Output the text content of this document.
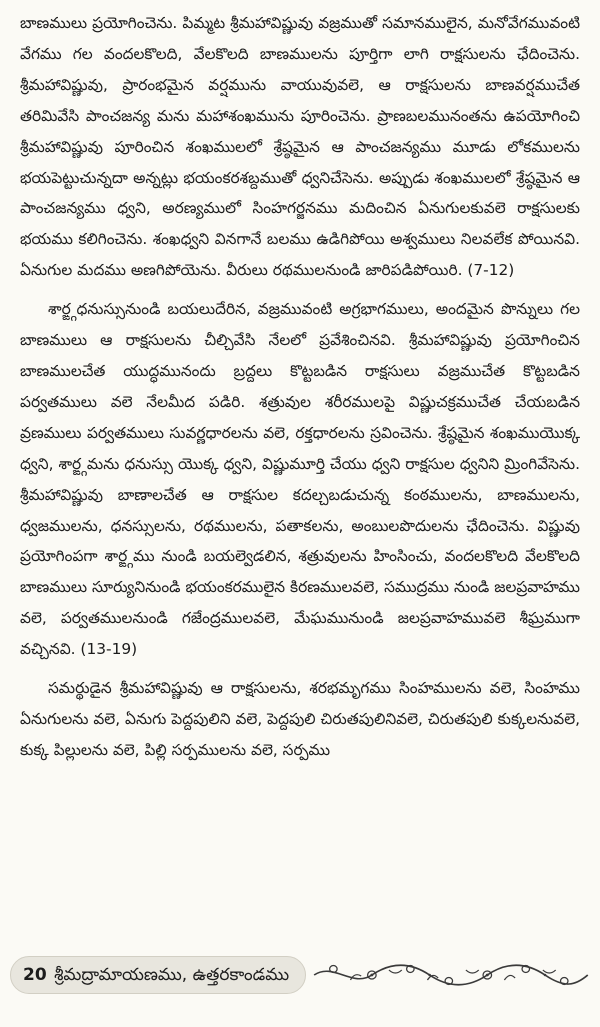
బాణములు ప్రయోగించెను. పిమ్మట శ్రీమహావిష్ణువు వజ్రముతో సమానములైన, మనోవేగమువంటి వేగము గల వందలకొలది, వేలకొలది బాణములను పూర్తిగా లాగి రాక్షసులను ఛేదించెను. శ్రీమహావిష్ణువు, ప్రారంభమైన వర్షమును వాయువువలె, ఆ రాక్షసులను బాణవర్షముచేత తరిమివేసి పాంచజన్య మను మహాశంఖమును పూరించెను. ప్రాణబలమునంతను ఉపయోగించి శ్రీమహావిష్ణువు పూరించిన శంఖములలో శ్రేష్ఠమైన ఆ పాంచజన్యము మూడు లోకములను భయపెట్టుచున్నదా అన్నట్లు భయంకరశబ్దముతో ధ్వనిచేసెను. అప్పుడు శంఖములలో శ్రేష్ఠమైన ఆ పాంచజన్యము ధ్వని, అరణ్యములో సింహగర్జనము మదించిన ఏనుగులకువలె రాక్షసులకు భయము కలిగించెను. శంఖధ్వని వినగానే బలము ఉడిగిపోయి అశ్వములు నిలవలేక పోయినవి. ఏనుగుల మదము అణగిపోయెను. వీరులు రథములనుండి జారిపడిపోయిరి. (7-12)

శార్ఙ్గధనుస్సునుండి బయలుదేరిన, వజ్రమువంటి అగ్రభాగములు, అందమైన పొన్నులు గల బాణములు ఆ రాక్షసులను చీల్చివేసి నేలలో ప్రవేశించినవి. శ్రీమహావిష్ణువు ప్రయోగించిన బాణములచేత యుద్ధమునందు బ్రద్దలు కొట్టబడిన రాక్షసులు వజ్రముచేత కొట్టబడిన పర్వతములు వలె నేలమీద పడిరి. శత్రువుల శరీరములపై విష్ణుచక్రముచేత చేయబడిన వ్రణములు పర్వతములు సువర్ణధారలను వలె, రక్తధారలను స్రవించెను. శ్రేష్ఠమైన శంఖముయొక్క ధ్వని, శార్ఙ్గమను ధనుస్సు యొక్క ధ్వని, విష్ణుమూర్తి చేయు ధ్వని రాక్షసుల ధ్వనిని మ్రింగివేసెను. శ్రీమహావిష్ణువు బాణాలచేత ఆ రాక్షసుల కదల్చబడుచున్న కంఠములను, బాణములను, ధ్వజములను, ధనస్సులను, రథములను, పతాకలను, అంబులపొదులను ఛేదించెను. విష్ణువు ప్రయోగింపగా శార్ఙ్గము నుండి బయల్వెడలిన, శత్రువులను హింసించు, వందలకొలది వేలకొలది బాణములు సూర్యునినుండి భయంకరములైన కిరణములవలె, సముద్రము నుండి జలప్రవాహము వలె, పర్వతములనుండి గజేంద్రములవలె, మేఘమునుండి జలప్రవాహమువలె శీఘ్రముగా వచ్చినవి. (13-19)

సమర్థుడైన శ్రీమహావిష్ణువు ఆ రాక్షసులను, శరభమృగము సింహములను వలె, సింహము ఏనుగులను వలె, ఏనుగు పెద్దపులిని వలె, పెద్దపులి చిరుతపులినివలె, చిరుతపులి కుక్కలనువలె, కుక్క పిల్లులను వలె, పిల్లి సర్పములను వలె, సర్పము

20 శ్రీమద్రామాయణము, ఉత్తరకాండము
